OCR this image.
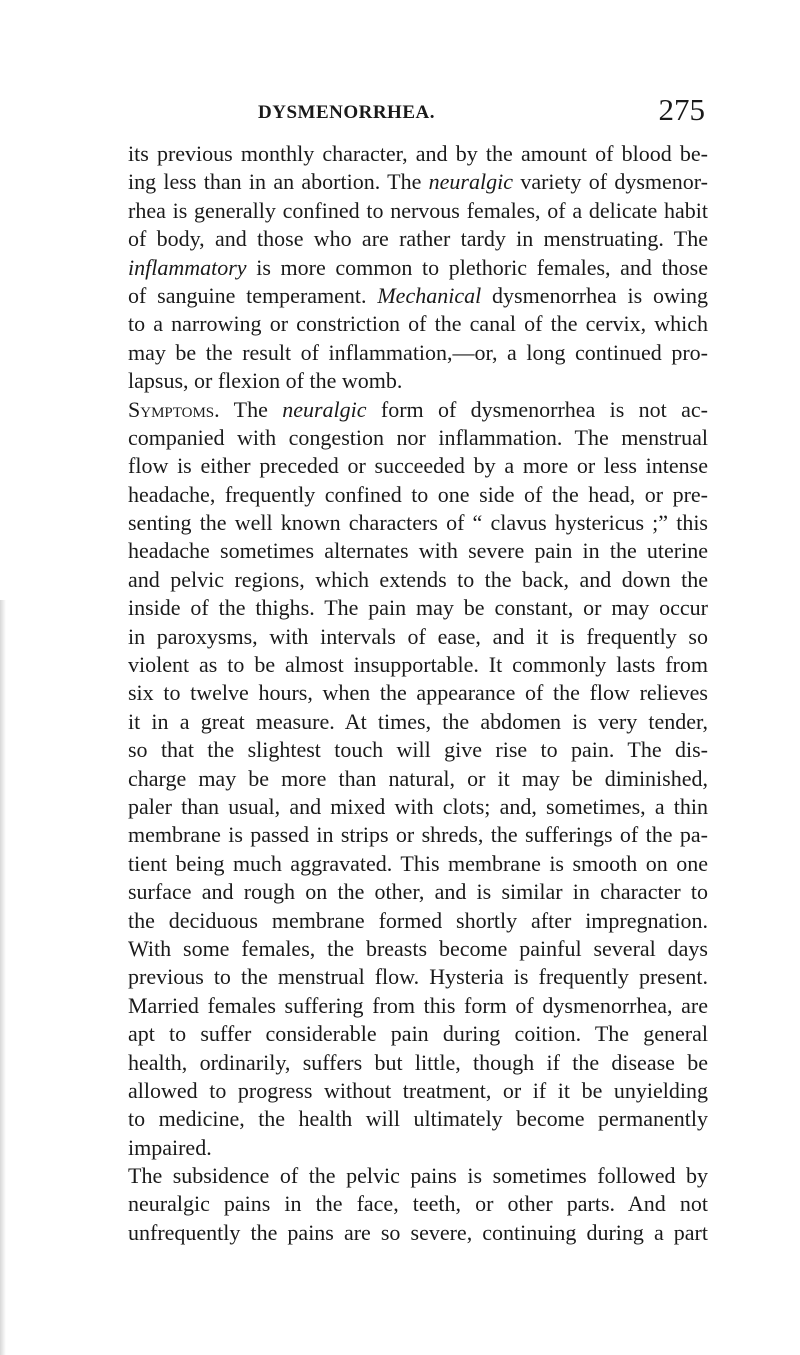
DYSMENORRHEA.	275
its previous monthly character, and by the amount of blood be-
ing less than in an abortion. The neuralgic variety of dysmenor-
rhea is generally confined to nervous females, of a delicate habit
of body, and those who are rather tardy in menstruating. The
inflammatory is more common to plethoric females, and those
of sanguine temperament. Mechanical dysmenorrhea is owing
to a narrowing or constriction of the canal of the cervix, which
may be the result of inflammation,—or, a long continued pro-
lapsus, or flexion of the womb.
Symptoms. The neuralgic form of dysmenorrhea is not ac-
companied with congestion nor inflammation. The menstrual
flow is either preceded or succeeded by a more or less intense
headache, frequently confined to one side of the head, or pre-
senting the well known characters of “ clavus hystericus ;” this
headache sometimes alternates with severe pain in the uterine
and pelvic regions, which extends to the back, and down the
inside of the thighs. The pain may be constant, or may occur
in paroxysms, with intervals of ease, and it is frequently so
violent as to be almost insupportable. It commonly lasts from
six to twelve hours, when the appearance of the flow relieves
it in a great measure. At times, the abdomen is very tender,
so that the slightest touch will give rise to pain. The dis-
charge may be more than natural, or it may be diminished,
paler than usual, and mixed with clots; and, sometimes, a thin
membrane is passed in strips or shreds, the sufferings of the pa-
tient being much aggravated. This membrane is smooth on one
surface and rough on the other, and is similar in character to
the deciduous membrane formed shortly after impregnation.
With some females, the breasts become painful several days
previous to the menstrual flow. Hysteria is frequently present.
Married females suffering from this form of dysmenorrhea, are
apt to suffer considerable pain during coition. The general
health, ordinarily, suffers but little, though if the disease be
allowed to progress without treatment, or if it be unyielding
to medicine, the health will ultimately become permanently
impaired.
The subsidence of the pelvic pains is sometimes followed by
neuralgic pains in the face, teeth, or other parts. And not
unfrequently the pains are so severe, continuing during a part
